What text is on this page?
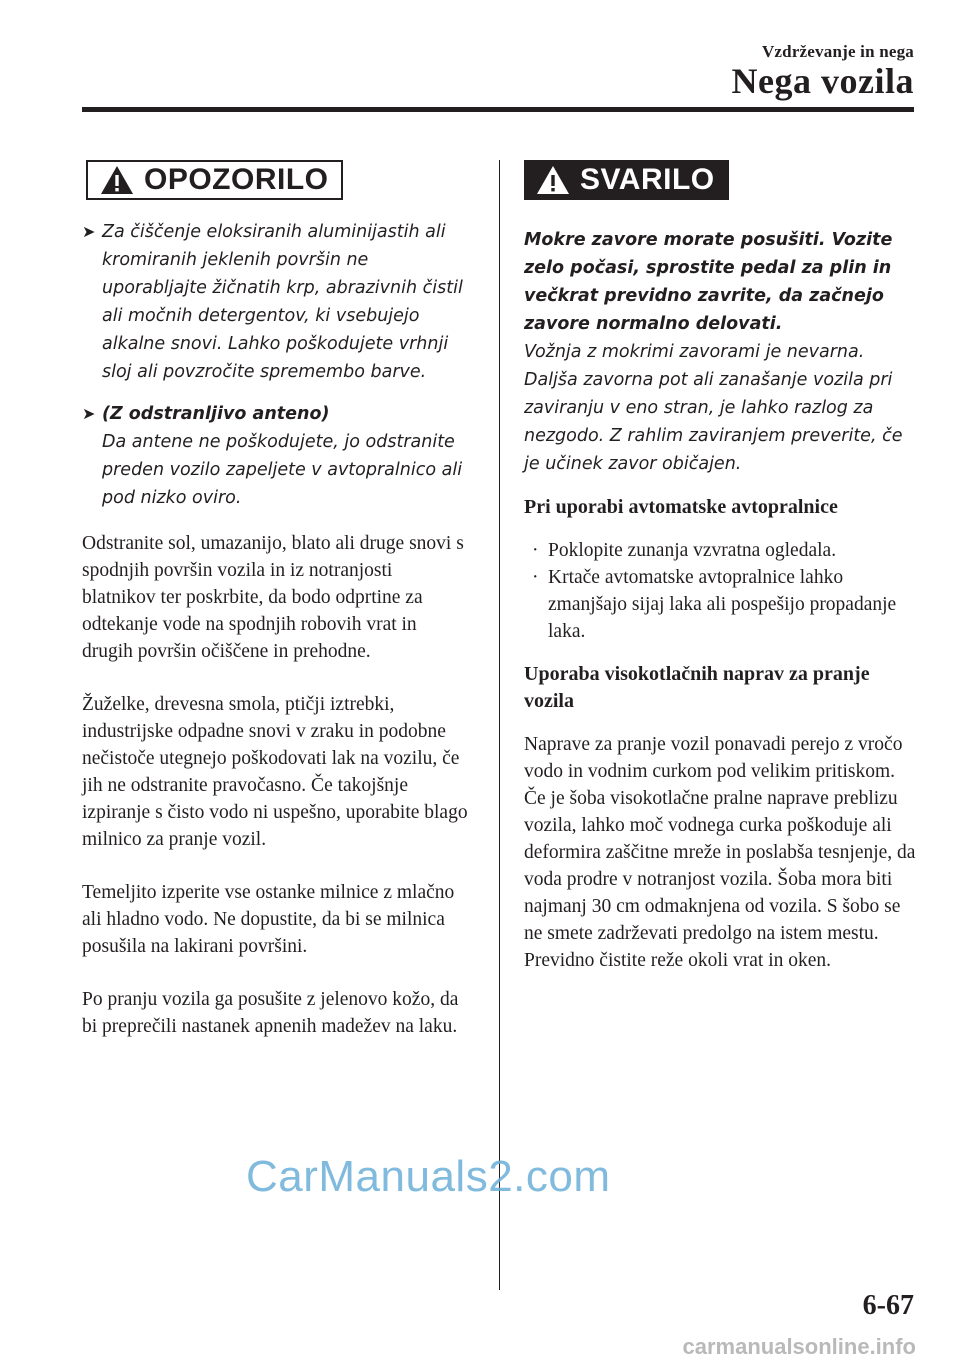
Vzdrževanje in nega
Nega vozila
OPOZORILO
➤ Za čiščenje eloksiranih aluminijastih ali kromiranih jeklenih površin ne uporabljajte žičnatih krp, abrazivnih čistil ali močnih detergentov, ki vsebujejo alkalne snovi. Lahko poškodujete vrhnji sloj ali povzročite spremembo barve.
➤ (Z odstranljivo anteno)
Da antene ne poškodujete, jo odstranite preden vozilo zapeljete v avtopralnico ali pod nizko oviro.

Odstranite sol, umazanijo, blato ali druge snovi s spodnjih površin vozila in iz notranjosti blatnikov ter poskrbite, da bodo odprtine za odtekanje vode na spodnjih robovih vrat in drugih površin očiščene in prehodne.

Žuželke, drevesna smola, ptičji iztrebki, industrijske odpadne snovi v zraku in podobne nečistoče utegnejo poškodovati lak na vozilu, če jih ne odstranite pravočasno. Če takojšnje izpiranje s čisto vodo ni uspešno, uporabite blago milnico za pranje vozil.

Temeljito izperite vse ostanke milnice z mlačno ali hladno vodo. Ne dopustite, da bi se milnica posušila na lakirani površini.

Po pranju vozila ga posušite z jelenovo kožo, da bi preprečili nastanek apnenih madežev na laku.

SVARILO
Mokre zavore morate posušiti. Vozite zelo počasi, sprostite pedal za plin in večkrat previdno zavrite, da začnejo zavore normalno delovati.
Vožnja z mokrimi zavorami je nevarna. Daljša zavorna pot ali zanašanje vozila pri zaviranju v eno stran, je lahko razlog za nezgodo. Z rahlim zaviranjem preverite, če je učinek zavor običajen.

Pri uporabi avtomatske avtopralnice

· Poklopite zunanja vzvratna ogledala.
· Krtače avtomatske avtopralnice lahko zmanjšajo sijaj laka ali pospešijo propadanje laka.

Uporaba visokotlačnih naprav za pranje vozila

Naprave za pranje vozil ponavadi perejo z vročo vodo in vodnim curkom pod velikim pritiskom. Če je šoba visokotlačne pralne naprave preblizu vozila, lahko moč vodnega curka poškoduje ali deformira zaščitne mreže in poslabša tesnjenje, da voda prodre v notranjost vozila. Šoba mora biti najmanj 30 cm odmaknjena od vozila. S šobo se ne smete zadrževati predolgo na istem mestu. Previdno čistite reže okoli vrat in oken.

CarManuals2.com
6-67
carmanualsonline.info
